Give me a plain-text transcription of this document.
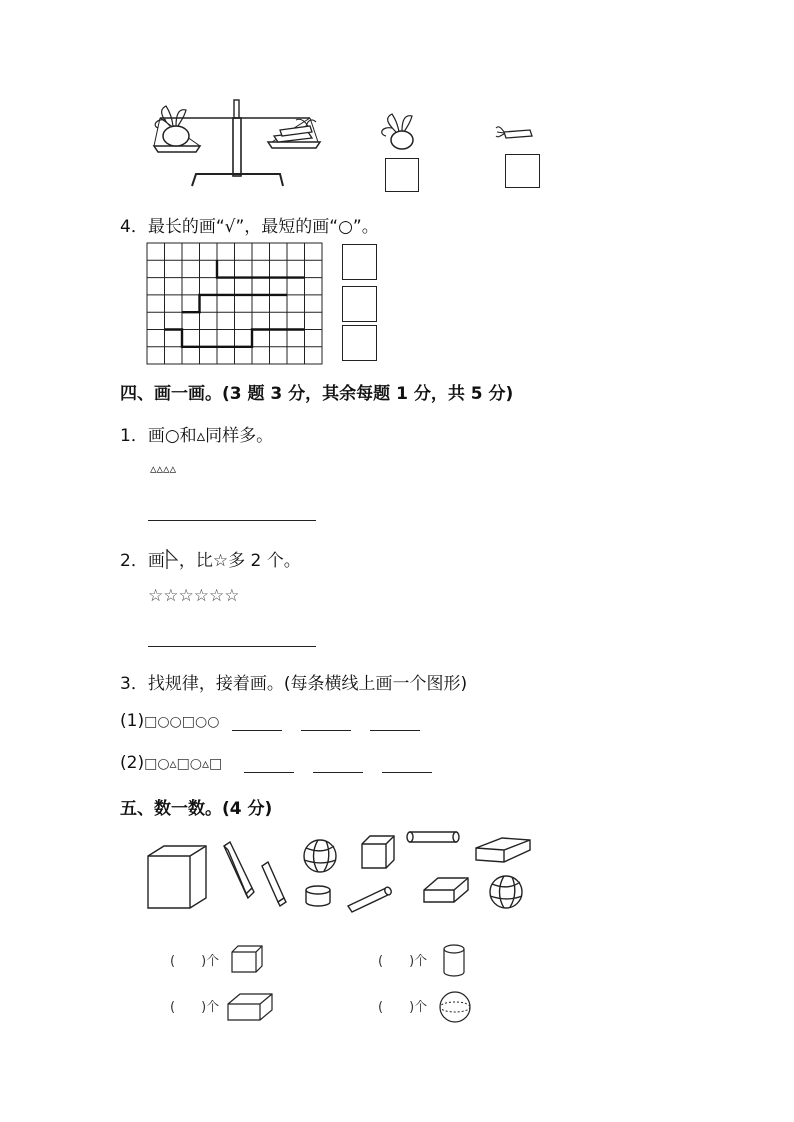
4．最长的画“√”，最短的画“○”。
四、画一画。(3 题 3 分，其余每题 1 分，共 5 分)
1．画○和▵同样多。
▵▵▵▵
2．画 ，比☆多 2 个。
☆☆☆☆☆☆
3．找规律，接着画。(每条横线上画一个图形)
(1)□○○□○○
(2)□○▵□○▵□
五、数一数。(4 分)
(　　)个	(　　)个
(　　)个	(　　)个
